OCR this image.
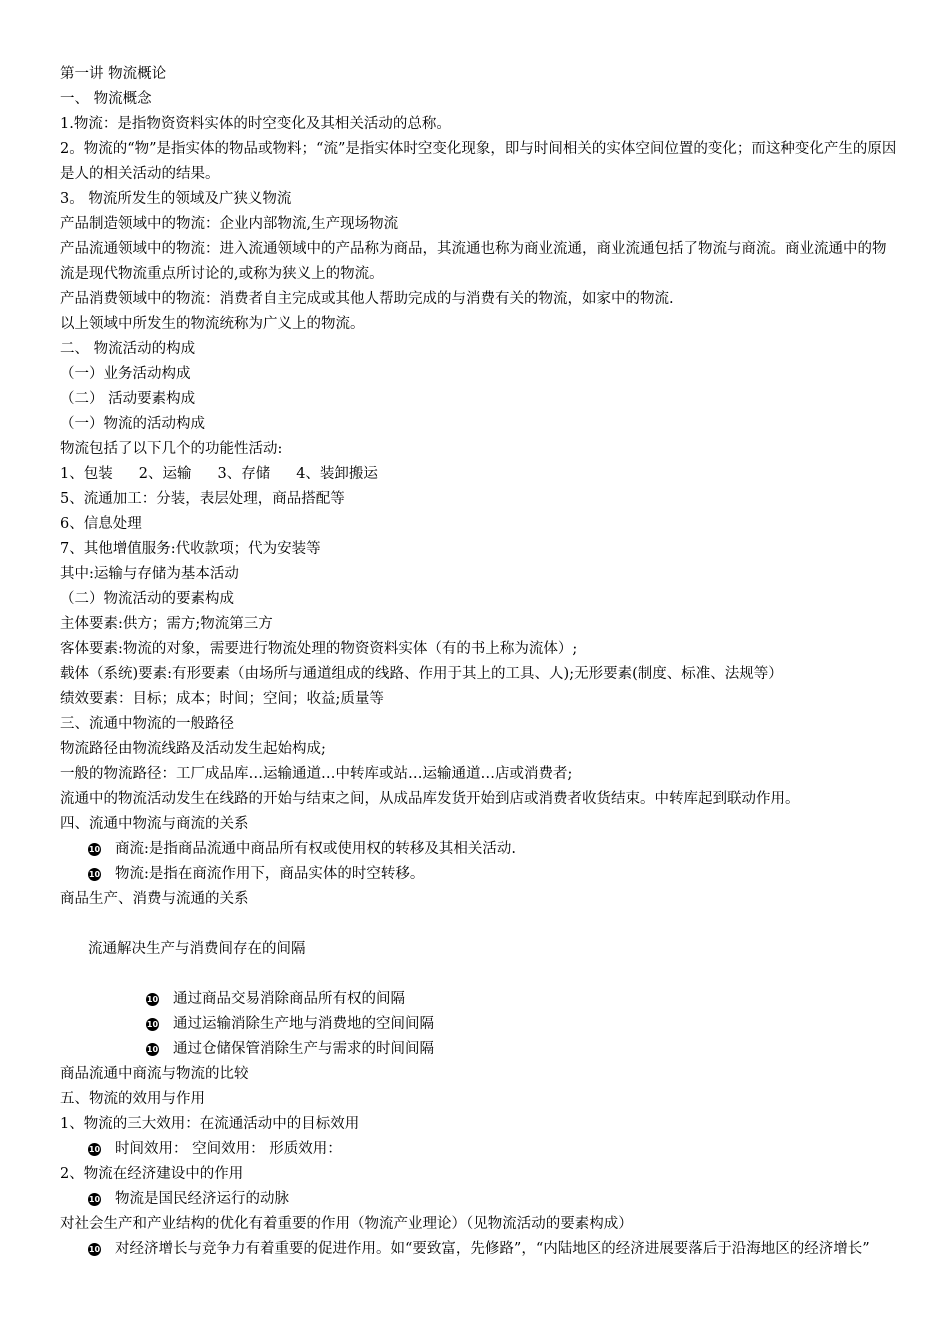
第一讲 物流概论
一、 物流概念
1.物流：是指物资资料实体的时空变化及其相关活动的总称。
2。物流的“物”是指实体的物品或物料；“流”是指实体时空变化现象，即与时间相关的实体空间位置的变化；而这种变化产生的原因是人的相关活动的结果。
3。 物流所发生的领域及广狭义物流
产品制造领域中的物流：企业内部物流,生产现场物流
产品流通领域中的物流：进入流通领域中的产品称为商品，其流通也称为商业流通，商业流通包括了物流与商流。商业流通中的物流是现代物流重点所讨论的,或称为狭义上的物流。
产品消费领域中的物流：消费者自主完成或其他人帮助完成的与消费有关的物流，如家中的物流.
以上领域中所发生的物流统称为广义上的物流。
二、 物流活动的构成
（一）业务活动构成
（二） 活动要素构成
（一）物流的活动构成
物流包括了以下几个的功能性活动:
1、包装 2、运输 3、存储 4、装卸搬运
5、流通加工：分装，表层处理，商品搭配等
6、信息处理
7、其他增值服务:代收款项；代为安装等
其中:运输与存储为基本活动
（二）物流活动的要素构成
主体要素:供方；需方;物流第三方
客体要素:物流的对象，需要进行物流处理的物资资料实体（有的书上称为流体）;
载体（系统)要素:有形要素（由场所与通道组成的线路、作用于其上的工具、人);无形要素(制度、标准、法规等）
绩效要素：目标；成本；时间；空间；收益;质量等
三、流通中物流的一般路径
物流路径由物流线路及活动发生起始构成;
一般的物流路径：工厂成品库…运输通道…中转库或站…运输通道…店或消费者;
流通中的物流活动发生在线路的开始与结束之间，从成品库发货开始到店或消费者收货结束。中转库起到联动作用。
四、流通中物流与商流的关系
10 商流:是指商品流通中商品所有权或使用权的转移及其相关活动.
10 物流:是指在商流作用下，商品实体的时空转移。
商品生产、消费与流通的关系
流通解决生产与消费间存在的间隔
10 通过商品交易消除商品所有权的间隔
10 通过运输消除生产地与消费地的空间间隔
10 通过仓储保管消除生产与需求的时间间隔
商品流通中商流与物流的比较
五、物流的效用与作用
1、物流的三大效用：在流通活动中的目标效用
10 时间效用： 空间效用： 形质效用：
2、物流在经济建设中的作用
10 物流是国民经济运行的动脉
对社会生产和产业结构的优化有着重要的作用（物流产业理论）（见物流活动的要素构成）
10 对经济增长与竞争力有着重要的促进作用。如“要致富，先修路”，“内陆地区的经济进展要落后于沿海地区的经济增长”
